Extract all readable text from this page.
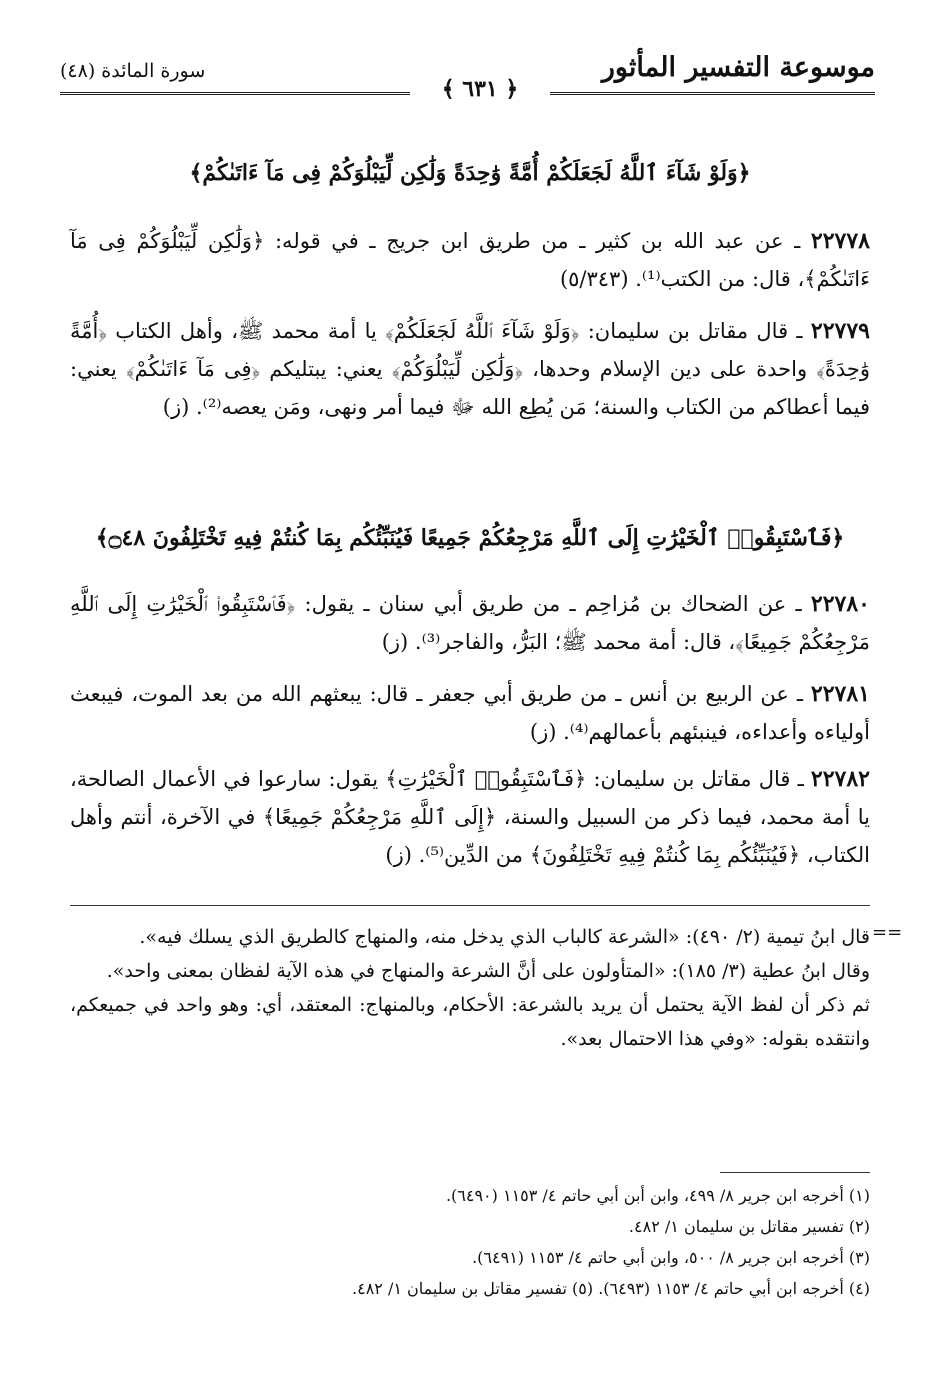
موسوعة التفسير المأثور
سورة المائدة (٤٨)
﴿ ٦٣١ ﴾
﴿وَلَوْ شَآءَ ٱللَّهُ لَجَعَلَكُمْ أُمَّةً وَٰحِدَةً وَلَٰكِن لِّيَبْلُوَكُمْ فِى مَآ ءَاتَىٰكُمْ﴾
٢٢٧٧٨ ـ عن عبد الله بن كثير ـ من طريق ابن جريج ـ في قوله: ﴿وَلَٰكِن لِّيَبْلُوَكُمْ فِى مَآ ءَاتَىٰكُمْ﴾، قال: من الكتب⁽¹⁾. (٥/٣٤٣)
٢٢٧٧٩ ـ قال مقاتل بن سليمان: ﴿وَلَوْ شَآءَ ٱللَّهُ لَجَعَلَكُمْ﴾ يا أمة محمد ﷺ، وأهل الكتاب ﴿أُمَّةً وَٰحِدَةً﴾ واحدة على دين الإسلام وحدها، ﴿وَلَٰكِن لِّيَبْلُوَكُمْ﴾ يعني: يبتليكم ﴿فِى مَآ ءَاتَىٰكُمْ﴾ يعني: فيما أعطاكم من الكتاب والسنة؛ مَن يُطِع الله ﷻ فيما أمر ونهى، ومَن يعصه⁽²⁾. (ز)
﴿فَٱسْتَبِقُوا۟ ٱلْخَيْرَٰتِ إِلَى ٱللَّهِ مَرْجِعُكُمْ جَمِيعًا فَيُنَبِّئُكُم بِمَا كُنتُمْ فِيهِ تَخْتَلِفُونَ ۝٤٨﴾
٢٢٧٨٠ ـ عن الضحاك بن مُزاحِم ـ من طريق أبي سنان ـ يقول: ﴿فَٱسْتَبِقُوا۟ ٱلْخَيْرَٰتِ إِلَى ٱللَّهِ مَرْجِعُكُمْ جَمِيعًا﴾، قال: أمة محمد ﷺ؛ البَرُّ، والفاجر⁽³⁾. (ز)
٢٢٧٨١ ـ عن الربيع بن أنس ـ من طريق أبي جعفر ـ قال: يبعثهم الله من بعد الموت، فيبعث أولياءه وأعداءه، فينبئهم بأعمالهم⁽⁴⁾. (ز)
٢٢٧٨٢ ـ قال مقاتل بن سليمان: ﴿فَٱسْتَبِقُوا۟ ٱلْخَيْرَٰتِ﴾ يقول: سارعوا في الأعمال الصالحة، يا أمة محمد، فيما ذكر من السبيل والسنة، ﴿إِلَى ٱللَّهِ مَرْجِعُكُمْ جَمِيعًا﴾ في الآخرة، أنتم وأهل الكتاب، ﴿فَيُنَبِّئُكُم بِمَا كُنتُمْ فِيهِ تَخْتَلِفُونَ﴾ من الدِّين⁽⁵⁾. (ز)
==
قال ابنُ تيمية (٢/ ٤٩٠): «الشرعة كالباب الذي يدخل منه، والمنهاج كالطريق الذي يسلك فيه».
وقال ابنُ عطية (٣/ ١٨٥): «المتأولون على أنَّ الشرعة والمنهاج في هذه الآية لفظان بمعنى واحد».
ثم ذكر أن لفظ الآية يحتمل أن يريد بالشرعة: الأحكام، وبالمنهاج: المعتقد، أي: وهو واحد في جميعكم، وانتقده بقوله: «وفي هذا الاحتمال بعد».
(١) أخرجه ابن جرير ٨/ ٤٩٩، وابن أبن أبي حاتم ٤/ ١١٥٣ (٦٤٩٠).
(٢) تفسير مقاتل بن سليمان ١/ ٤٨٢.
(٣) أخرجه ابن جرير ٨/ ٥٠٠، وابن أبي حاتم ٤/ ١١٥٣ (٦٤٩١).
(٤) أخرجه ابن أبي حاتم ٤/ ١١٥٣ (٦٤٩٣). (٥) تفسير مقاتل بن سليمان ١/ ٤٨٢.
